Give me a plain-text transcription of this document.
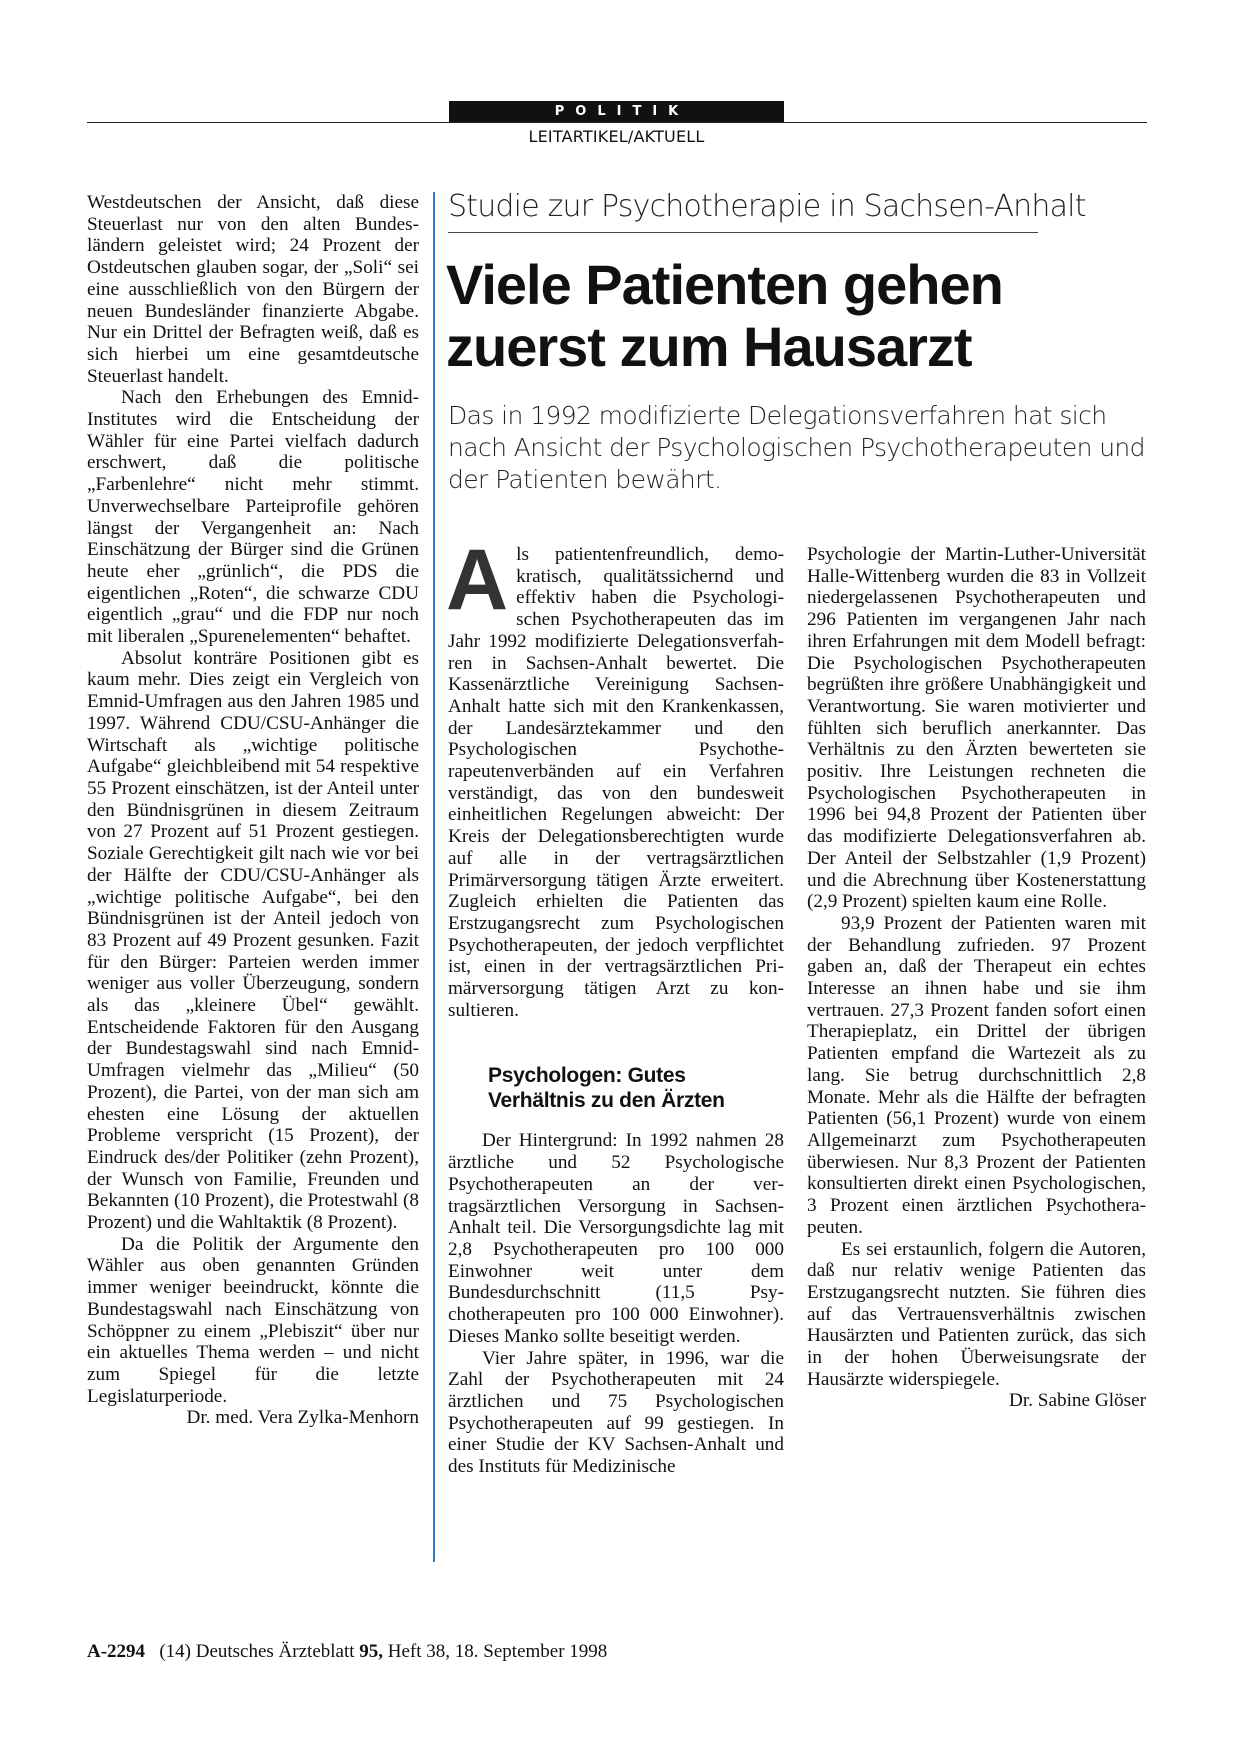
POLITIK
LEITARTIKEL/AKTUELL

Westdeutschen der Ansicht, daß diese Steuerlast nur von den alten Bundesländern geleistet wird; 24 Prozent der Ostdeutschen glauben sogar, der „Soli“ sei eine ausschließlich von den Bürgern der neuen Bundesländer finanzierte Abgabe. Nur ein Drittel der Befragten weiß, daß es sich hierbei um eine gesamtdeutsche Steuerlast handelt.

Nach den Erhebungen des Emnid-Institutes wird die Entscheidung der Wähler für eine Partei vielfach dadurch erschwert, daß die politische „Farbenlehre“ nicht mehr stimmt. Unverwechselbare Parteiprofile gehören längst der Vergangenheit an: Nach Einschätzung der Bürger sind die Grünen heute eher „grünlich“, die PDS die eigentlichen „Roten“, die schwarze CDU eigentlich „grau“ und die FDP nur noch mit liberalen „Spurenelementen“ behaftet.

Absolut konträre Positionen gibt es kaum mehr. Dies zeigt ein Vergleich von Emnid-Umfragen aus den Jahren 1985 und 1997. Während CDU/CSU-Anhänger die Wirtschaft als „wichtige politische Aufgabe“ gleichbleibend mit 54 respektive 55 Prozent einschätzen, ist der Anteil unter den Bündnisgrünen in diesem Zeitraum von 27 Prozent auf 51 Prozent gestiegen. Soziale Gerechtigkeit gilt nach wie vor bei der Hälfte der CDU/CSU-Anhänger als „wichtige politische Aufgabe“, bei den Bündnisgrünen ist der Anteil jedoch von 83 Prozent auf 49 Prozent gesunken. Fazit für den Bürger: Parteien werden immer weniger aus voller Überzeugung, sondern als das „kleinere Übel“ gewählt. Entscheidende Faktoren für den Ausgang der Bundestagswahl sind nach Emnid-Umfragen vielmehr das „Milieu“ (50 Prozent), die Partei, von der man sich am ehesten eine Lösung der aktuellen Probleme verspricht (15 Prozent), der Eindruck des/der Politiker (zehn Prozent), der Wunsch von Familie, Freunden und Bekannten (10 Prozent), die Protestwahl (8 Prozent) und die Wahltaktik (8 Prozent).

Da die Politik der Argumente den Wähler aus oben genannten Gründen immer weniger beeindruckt, könnte die Bundestagswahl nach Einschätzung von Schöppner zu einem „Plebiszit“ über nur ein aktuelles Thema werden – und nicht zum Spiegel für die letzte Legislaturperiode.

Dr. med. Vera Zylka-Menhorn

Studie zur Psychotherapie in Sachsen-Anhalt
Viele Patienten gehen zuerst zum Hausarzt
Das in 1992 modifizierte Delegationsverfahren hat sich nach Ansicht der Psychologischen Psychotherapeuten und der Patienten bewährt.

Als patientenfreundlich, demokratisch, qualitätssichernd und effektiv haben die Psychologischen Psychotherapeuten das im Jahr 1992 modifizierte Delegationsverfahren in Sachsen-Anhalt bewertet. Die Kassenärztliche Vereinigung Sachsen-Anhalt hatte sich mit den Krankenkassen, der Landesärztekammer und den Psychologischen Psychotherapeutenverbänden auf ein Verfahren verständigt, das von den bundesweit einheitlichen Regelungen abweicht: Der Kreis der Delegationsberechtigten wurde auf alle in der vertragsärztlichen Primärversorgung tätigen Ärzte erweitert. Zugleich erhielten die Patienten das Erstzugangsrecht zum Psychologischen Psychotherapeuten, der jedoch verpflichtet ist, einen in der vertragsärztlichen Primärversorgung tätigen Arzt zu konsultieren.

Psychologen: Gutes Verhältnis zu den Ärzten

Der Hintergrund: In 1992 nahmen 28 ärztliche und 52 Psychologische Psychotherapeuten an der vertragsärztlichen Versorgung in Sachsen-Anhalt teil. Die Versorgungsdichte lag mit 2,8 Psychotherapeuten pro 100 000 Einwohner weit unter dem Bundesdurchschnitt (11,5 Psychotherapeuten pro 100 000 Einwohner). Dieses Manko sollte beseitigt werden.

Vier Jahre später, in 1996, war die Zahl der Psychotherapeuten mit 24 ärztlichen und 75 Psychologischen Psychotherapeuten auf 99 gestiegen. In einer Studie der KV Sachsen-Anhalt und des Instituts für Medizinische

Psychologie der Martin-Luther-Universität Halle-Wittenberg wurden die 83 in Vollzeit niedergelassenen Psychotherapeuten und 296 Patienten im vergangenen Jahr nach ihren Erfahrungen mit dem Modell befragt: Die Psychologischen Psychotherapeuten begrüßten ihre größere Unabhängigkeit und Verantwortung. Sie waren motivierter und fühlten sich beruflich anerkannter. Das Verhältnis zu den Ärzten bewerteten sie positiv. Ihre Leistungen rechneten die Psychologischen Psychotherapeuten in 1996 bei 94,8 Prozent der Patienten über das modifizierte Delegationsverfahren ab. Der Anteil der Selbstzahler (1,9 Prozent) und die Abrechnung über Kostenerstattung (2,9 Prozent) spielten kaum eine Rolle.

93,9 Prozent der Patienten waren mit der Behandlung zufrieden. 97 Prozent gaben an, daß der Therapeut ein echtes Interesse an ihnen habe und sie ihm vertrauen. 27,3 Prozent fanden sofort einen Therapieplatz, ein Drittel der übrigen Patienten empfand die Wartezeit als zu lang. Sie betrug durchschnittlich 2,8 Monate. Mehr als die Hälfte der befragten Patienten (56,1 Prozent) wurde von einem Allgemeinarzt zum Psychotherapeuten überwiesen. Nur 8,3 Prozent der Patienten konsultierten direkt einen Psychologischen, 3 Prozent einen ärztlichen Psychotherapeuten.

Es sei erstaunlich, folgern die Autoren, daß nur relativ wenige Patienten das Erstzugangsrecht nutzten. Sie führen dies auf das Vertrauensverhältnis zwischen Hausärzten und Patienten zurück, das sich in der hohen Überweisungsrate der Hausärzte widerspiegele.
Dr. Sabine Glöser

A-2294 (14) Deutsches Ärzteblatt 95, Heft 38, 18. September 1998
